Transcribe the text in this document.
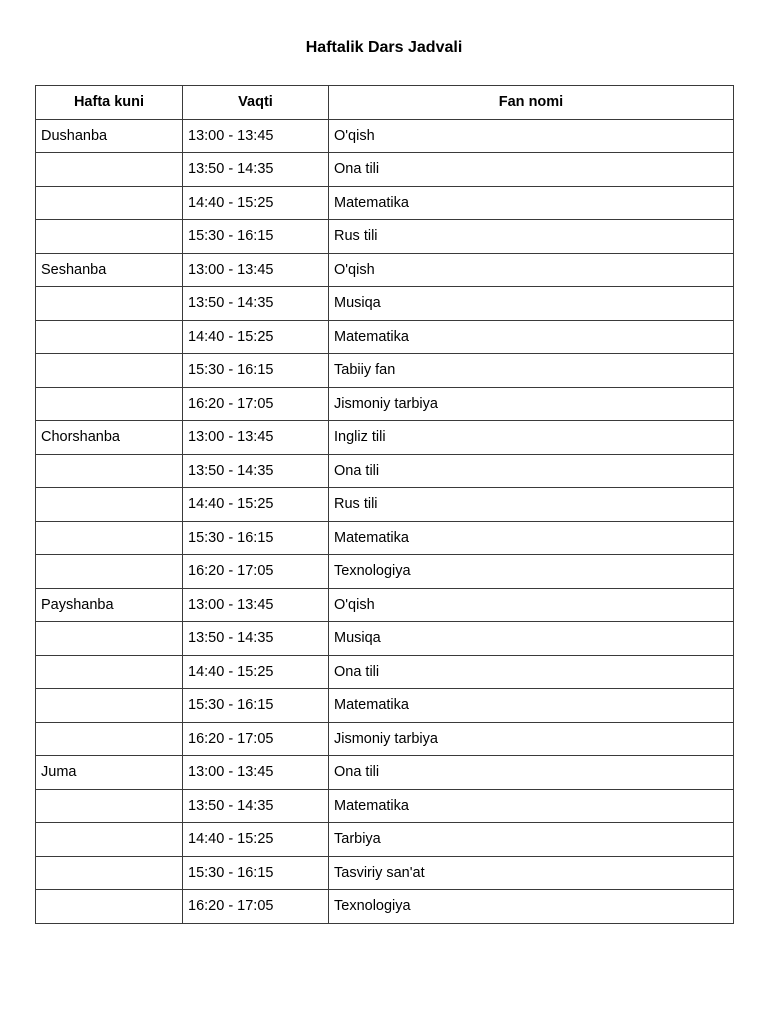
Haftalik Dars Jadvali
Hafta kuni	Vaqti	Fan nomi
Dushanba	13:00 - 13:45	O'qish
	13:50 - 14:35	Ona tili
	14:40 - 15:25	Matematika
	15:30 - 16:15	Rus tili
Seshanba	13:00 - 13:45	O'qish
	13:50 - 14:35	Musiqa
	14:40 - 15:25	Matematika
	15:30 - 16:15	Tabiiy fan
	16:20 - 17:05	Jismoniy tarbiya
Chorshanba	13:00 - 13:45	Ingliz tili
	13:50 - 14:35	Ona tili
	14:40 - 15:25	Rus tili
	15:30 - 16:15	Matematika
	16:20 - 17:05	Texnologiya
Payshanba	13:00 - 13:45	O'qish
	13:50 - 14:35	Musiqa
	14:40 - 15:25	Ona tili
	15:30 - 16:15	Matematika
	16:20 - 17:05	Jismoniy tarbiya
Juma	13:00 - 13:45	Ona tili
	13:50 - 14:35	Matematika
	14:40 - 15:25	Tarbiya
	15:30 - 16:15	Tasviriy san'at
	16:20 - 17:05	Texnologiya
